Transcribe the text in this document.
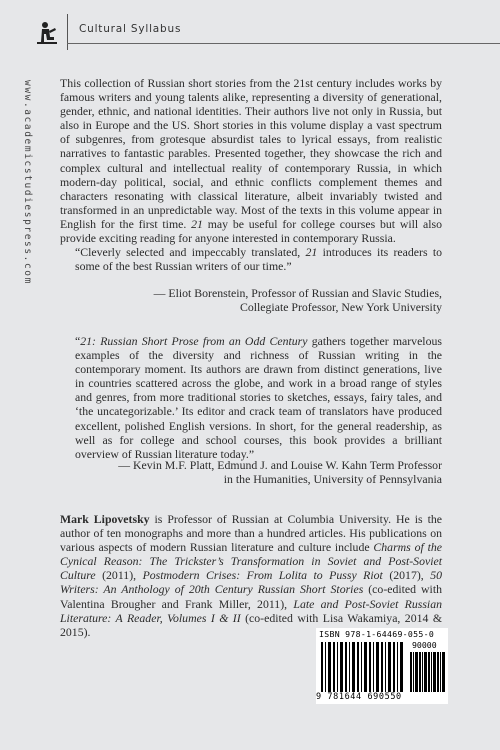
Cultural Syllabus
www.academicstudiespress.com This collection of Russian short stories from the 21st century includes works by famous writers and young talents alike, representing a diversity of generational, gender, ethnic, and national identities. Their authors live not only in Russia, but also in Europe and the US. Short stories in this volume display a vast spectrum of subgenres, from grotesque absurdist tales to lyrical essays, from realistic narratives to fantastic parables. Presented together, they showcase the rich and complex cultural and intellectual reality of contemporary Russia, in which modern-day political, social, and ethnic conflicts complement themes and characters resonating with classical literature, albeit invariably twisted and transformed in an unpredictable way. Most of the texts in this volume appear in English for the first time. 21 may be useful for college courses but will also provide exciting reading for anyone interested in contemporary Russia.

“Cleverly selected and impeccably translated, 21 introduces its readers to some of the best Russian writers of our time.”

— Eliot Borenstein, Professor of Russian and Slavic Studies,
Collegiate Professor, New York University

“21: Russian Short Prose from an Odd Century gathers together marvelous examples of the diversity and richness of Russian writing in the contemporary moment. Its authors are drawn from distinct generations, live in countries scattered across the globe, and work in a broad range of styles and genres, from more traditional stories to sketches, essays, fairy tales, and ‘the uncategorizable.’ Its editor and crack team of translators have produced excellent, polished English versions. In short, for the general readership, as well as for college and school courses, this book provides a brilliant overview of Russian literature today.”

— Kevin M.F. Platt, Edmund J. and Louise W. Kahn Term Professor
in the Humanities, University of Pennsylvania

Mark Lipovetsky is Professor of Russian at Columbia University. He is the author of ten monographs and more than a hundred articles. His publications on various aspects of modern Russian literature and culture include Charms of the Cynical Reason: The Trickster’s Transformation in Soviet and Post-Soviet Culture (2011), Postmodern Crises: From Lolita to Pussy Riot (2017), 50 Writers: An Anthology of 20th Century Russian Short Stories (co-edited with Valentina Brougher and Frank Miller, 2011), Late and Post-Soviet Russian Literature: A Reader, Volumes I & II (co-edited with Lisa Wakamiya, 2014 & 2015).	ISBN 978-1-64469-055-0
90000
9 781644 690550
